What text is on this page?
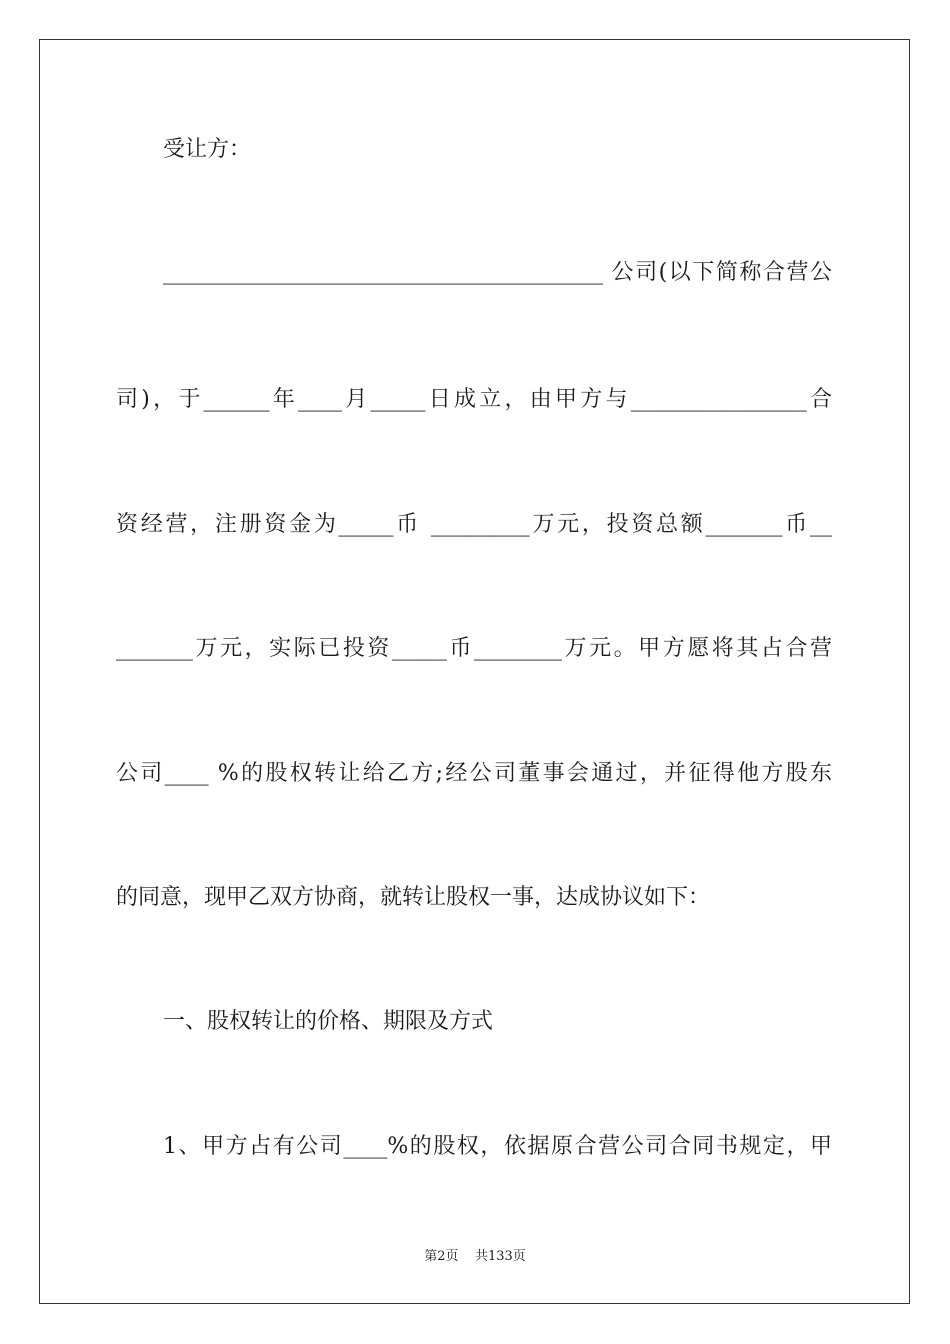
受让方：
________________________________________ 公司(以下简称合营公
司)，于______年____月_____日成立，由甲方与________________合
资经营，注册资金为_____币 _________万元，投资总额_______币__
_______万元，实际已投资_____币________万元。甲方愿将其占合营
公司____ %的股权转让给乙方;经公司董事会通过，并征得他方股东
的同意，现甲乙双方协商，就转让股权一事，达成协议如下：
一、股权转让的价格、期限及方式
1、甲方占有公司____%的股权，依据原合营公司合同书规定，甲
第2页    共133页
